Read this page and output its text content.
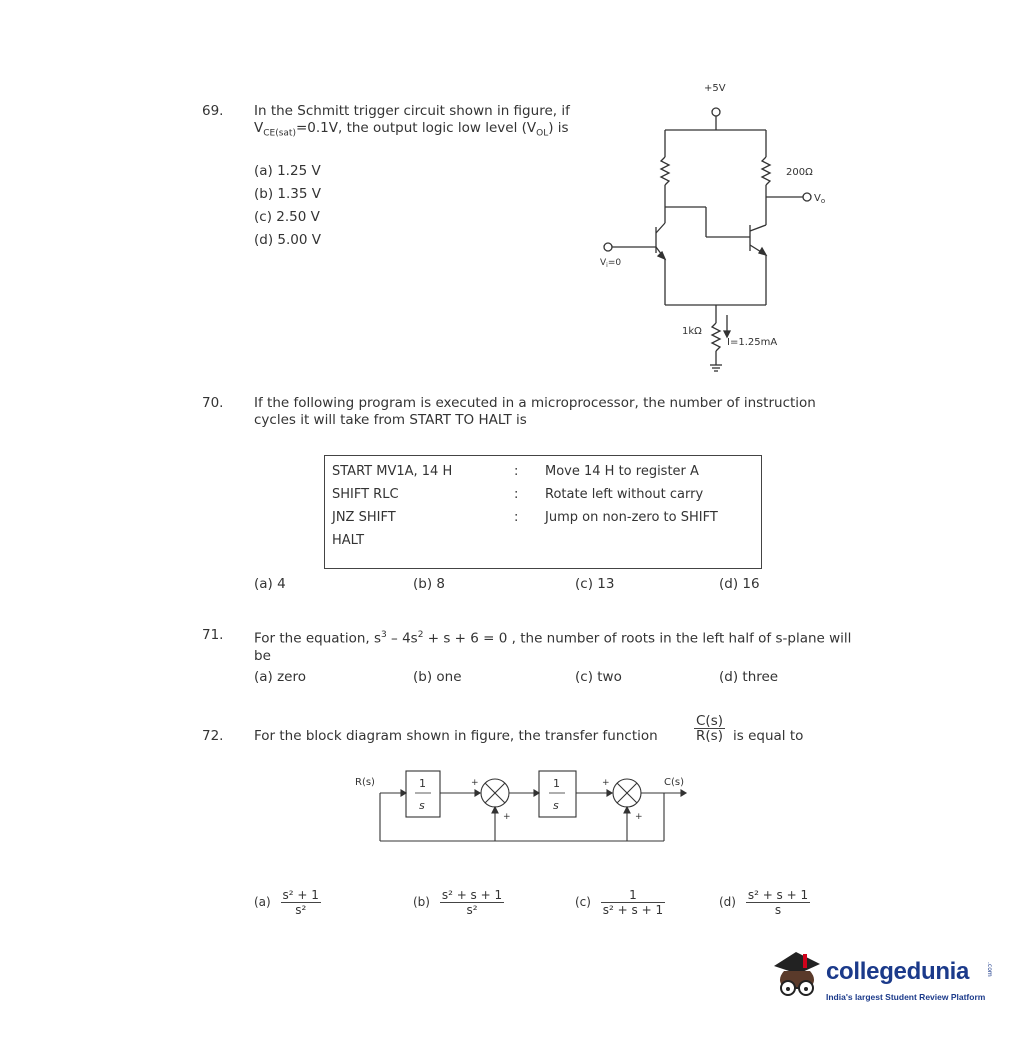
69. In the Schmitt trigger circuit shown in figure, if $V_{CE(sat)}=0.1V$, the output logic low level $(V_{OL})$ is
(a) 1.25 V
(b) 1.35 V
(c) 2.50 V
(d) 5.00 V
+5V
200Ω
$V_o$
$V_i=0$
1kΩ
I=1.25mA
70. If the following program is executed in a microprocessor, the number of instruction cycles it will take from START TO HALT is
START MV1A, 14 H	: Move 14 H to register A
SHIFT RLC	: Rotate left without carry
JNZ SHIFT	: Jump on non-zero to SHIFT
HALT
(a) 4	(b) 8	(c) 13	(d) 16
71. For the equation, $s^3 - 4s^2 + s + 6 = 0$ , the number of roots in the left half of s-plane will be
(a) zero	(b) one	(c) two	(d) three
72. For the block diagram shown in figure, the transfer function	$\frac{C(s)}{R(s)}$ is equal to
R(s)	C(s)
1
s
1
s
+
+
+
+
$(a) \frac{\text{s² + 1}}{\text{s²}}$	$(b) \frac{\text{s² + s + 1}}{\text{s²}}$	$(c) \frac{1}{\text{s² + s + 1}}$	$(d) \frac{\text{s² + s + 1}}{s}$
collegedunia	.com
India's largest Student Review Platform
